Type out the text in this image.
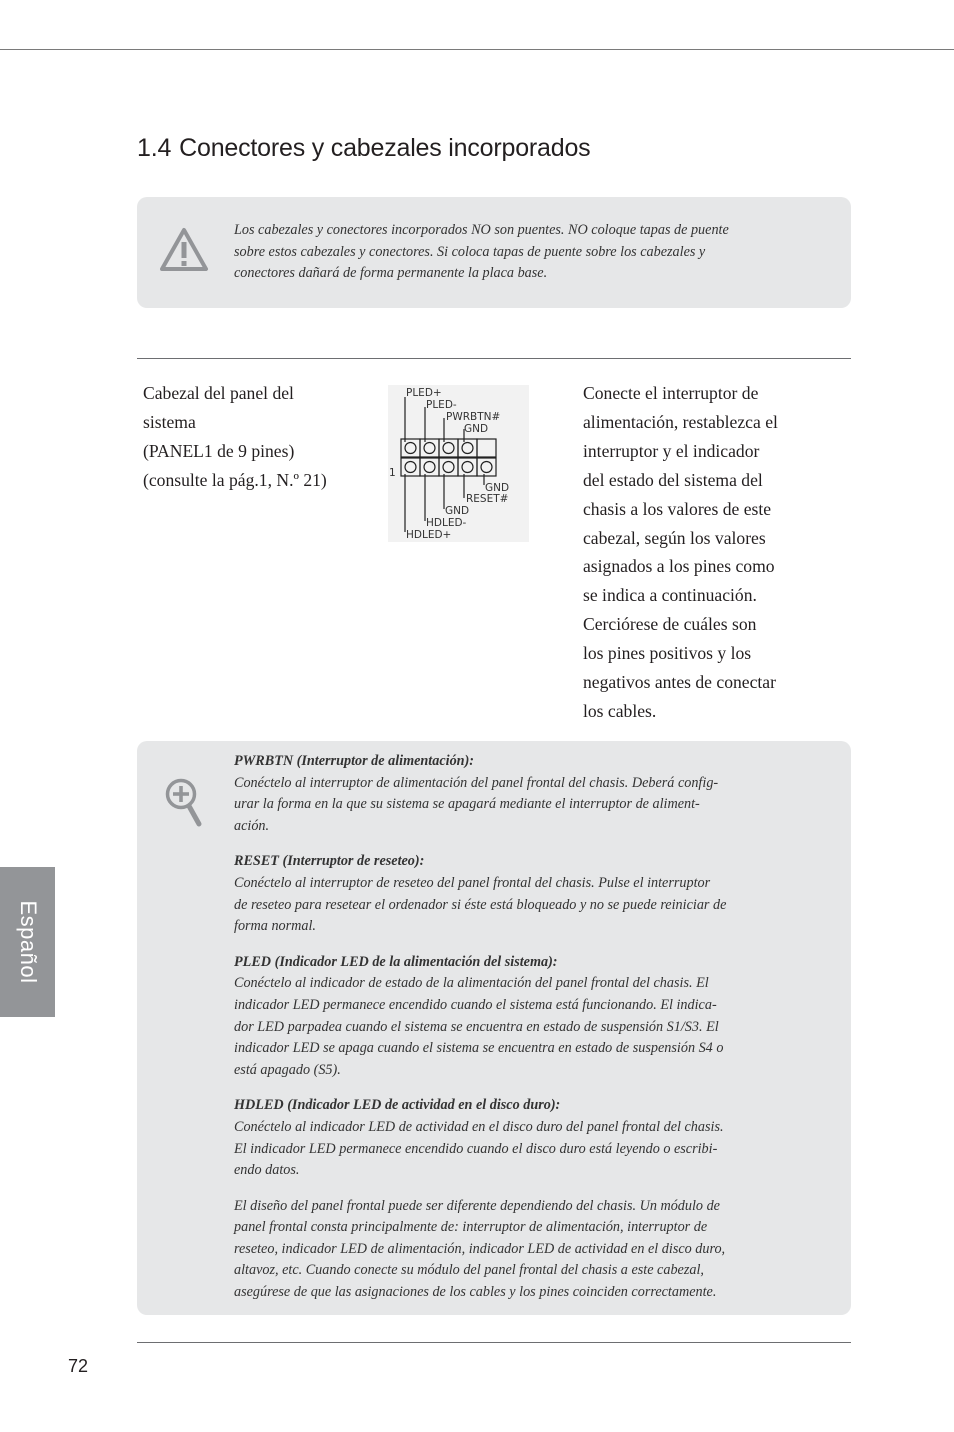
1.4 Conectores y cabezales incorporados
Los cabezales y conectores incorporados NO son puentes. NO coloque tapas de puente
sobre estos cabezales y conectores. Si coloca tapas de puente sobre los cabezales y
conectores dañará de forma permanente la placa base.
Cabezal del panel del
sistema
(PANEL1 de 9 pines)
(consulte la pág.1, N.º 21)
PLED+
PLED-
PWRBTN#
GND
1
GND
RESET#
GND
HDLED-
HDLED+
Conecte el interruptor de
alimentación, restablezca el
interruptor y el indicador
del estado del sistema del
chasis a los valores de este
cabezal, según los valores
asignados a los pines como
se indica a continuación.
Cerciórese de cuáles son
los pines positivos y los
negativos antes de conectar
los cables.
PWRBTN (Interruptor de alimentación):
Conéctelo al interruptor de alimentación del panel frontal del chasis. Deberá config-
urar la forma en la que su sistema se apagará mediante el interruptor de aliment-
ación.
RESET (Interruptor de reseteo):
Conéctelo al interruptor de reseteo del panel frontal del chasis. Pulse el interruptor
de reseteo para resetear el ordenador si éste está bloqueado y no se puede reiniciar de
forma normal.
PLED (Indicador LED de la alimentación del sistema):
Conéctelo al indicador de estado de la alimentación del panel frontal del chasis. El
indicador LED permanece encendido cuando el sistema está funcionando. El indica-
dor LED parpadea cuando el sistema se encuentra en estado de suspensión S1/S3. El
indicador LED se apaga cuando el sistema se encuentra en estado de suspensión S4 o
está apagado (S5).
HDLED (Indicador LED de actividad en el disco duro):
Conéctelo al indicador LED de actividad en el disco duro del panel frontal del chasis.
El indicador LED permanece encendido cuando el disco duro está leyendo o escribi-
endo datos.
El diseño del panel frontal puede ser diferente dependiendo del chasis. Un módulo de
panel frontal consta principalmente de: interruptor de alimentación, interruptor de
reseteo, indicador LED de alimentación, indicador LED de actividad en el disco duro,
altavoz, etc. Cuando conecte su módulo del panel frontal del chasis a este cabezal,
asegúrese de que las asignaciones de los cables y los pines coinciden correctamente.
72
Español
